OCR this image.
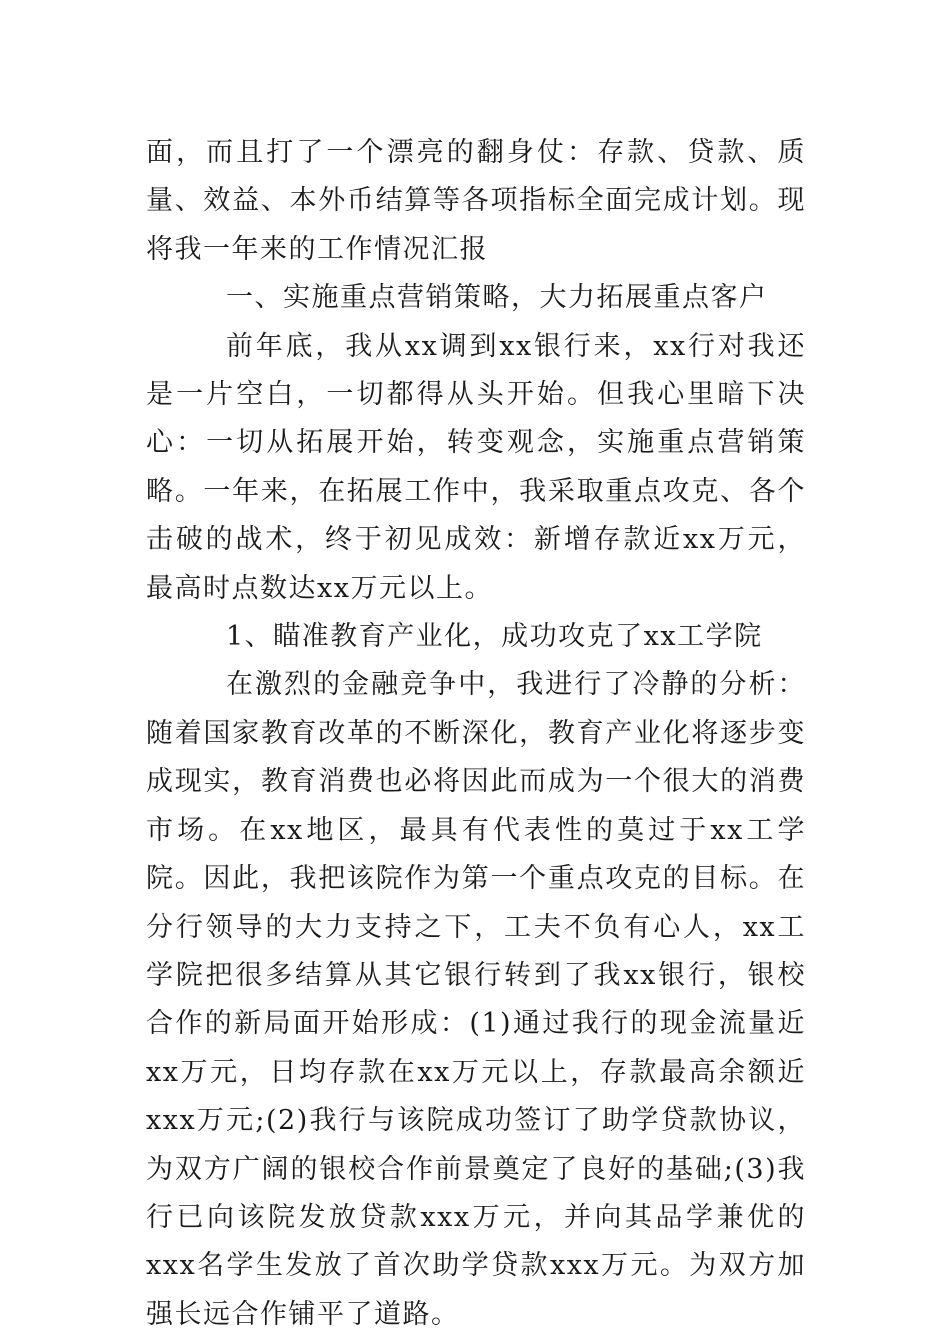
面，而且打了一个漂亮的翻身仗：存款、贷款、质量、效益、本外币结算等各项指标全面完成计划。现将我一年来的工作情况汇报

一、实施重点营销策略，大力拓展重点客户

前年底，我从xx调到xx银行来，xx行对我还是一片空白，一切都得从头开始。但我心里暗下决心：一切从拓展开始，转变观念，实施重点营销策略。一年来，在拓展工作中，我采取重点攻克、各个击破的战术，终于初见成效：新增存款近xx万元，最高时点数达xx万元以上。

1、瞄准教育产业化，成功攻克了xx工学院

在激烈的金融竞争中，我进行了冷静的分析：随着国家教育改革的不断深化，教育产业化将逐步变成现实，教育消费也必将因此而成为一个很大的消费市场。在xx地区，最具有代表性的莫过于xx工学院。因此，我把该院作为第一个重点攻克的目标。在分行领导的大力支持之下，工夫不负有心人，xx工学院把很多结算从其它银行转到了我xx银行，银校合作的新局面开始形成：(1)通过我行的现金流量近xx万元，日均存款在xx万元以上，存款最高余额近xxx万元;(2)我行与该院成功签订了助学贷款协议，为双方广阔的银校合作前景奠定了良好的基础;(3)我行已向该院发放贷款xxx万元，并向其品学兼优的xxx名学生发放了首次助学贷款xxx万元。为双方加强长远合作铺平了道路。
